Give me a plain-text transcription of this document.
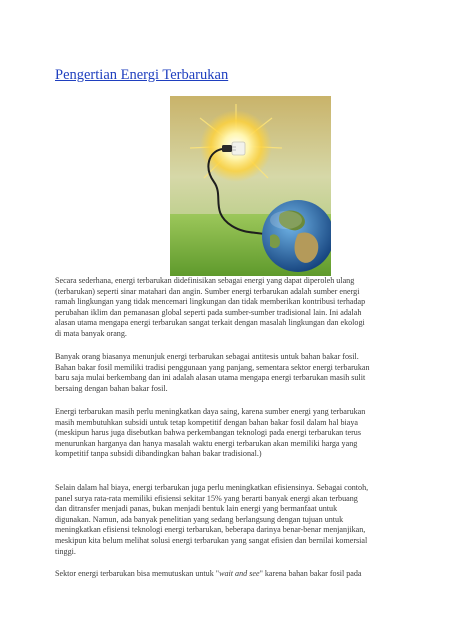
Pengertian Energi Terbarukan
Secara sederhana, energi terbarukan didefinisikan sebagai energi yang dapat diperoleh ulang
(terbarukan) seperti sinar matahari dan angin. Sumber energi terbarukan adalah sumber energi
ramah lingkungan yang tidak mencemari lingkungan dan tidak memberikan kontribusi terhadap
perubahan iklim dan pemanasan global seperti pada sumber-sumber tradisional lain. Ini adalah
alasan utama mengapa energi terbarukan sangat terkait dengan masalah lingkungan dan ekologi
di mata banyak orang.
Banyak orang biasanya menunjuk energi terbarukan sebagai antitesis untuk bahan bakar fosil.
Bahan bakar fosil memiliki tradisi penggunaan yang panjang, sementara sektor energi terbarukan
baru saja mulai berkembang dan ini adalah alasan utama mengapa energi terbarukan masih sulit
bersaing dengan bahan bakar fosil.
Energi terbarukan masih perlu meningkatkan daya saing, karena sumber energi yang terbarukan
masih membutuhkan subsidi untuk tetap kompetitif dengan bahan bakar fosil dalam hal biaya
(meskipun harus juga disebutkan bahwa perkembangan teknologi pada energi terbarukan terus
menurunkan harganya dan hanya masalah waktu energi terbarukan akan memiliki harga yang
kompetitif tanpa subsidi dibandingkan bahan bakar tradisional.)
Selain dalam hal biaya, energi terbarukan juga perlu meningkatkan efisiensinya. Sebagai contoh,
panel surya rata-rata memiliki efisiensi sekitar 15% yang berarti banyak energi akan terbuang
dan ditransfer menjadi panas, bukan menjadi bentuk lain energi yang bermanfaat untuk
digunakan. Namun, ada banyak penelitian yang sedang berlangsung dengan tujuan untuk
meningkatkan efisiensi teknologi energi terbarukan, beberapa darinya benar-benar menjanjikan,
meskipun kita belum melihat solusi energi terbarukan yang sangat efisien dan bernilai komersial
tinggi.
Sektor energi terbarukan bisa memutuskan untuk "wait and see" karena bahan bakar fosil pada
